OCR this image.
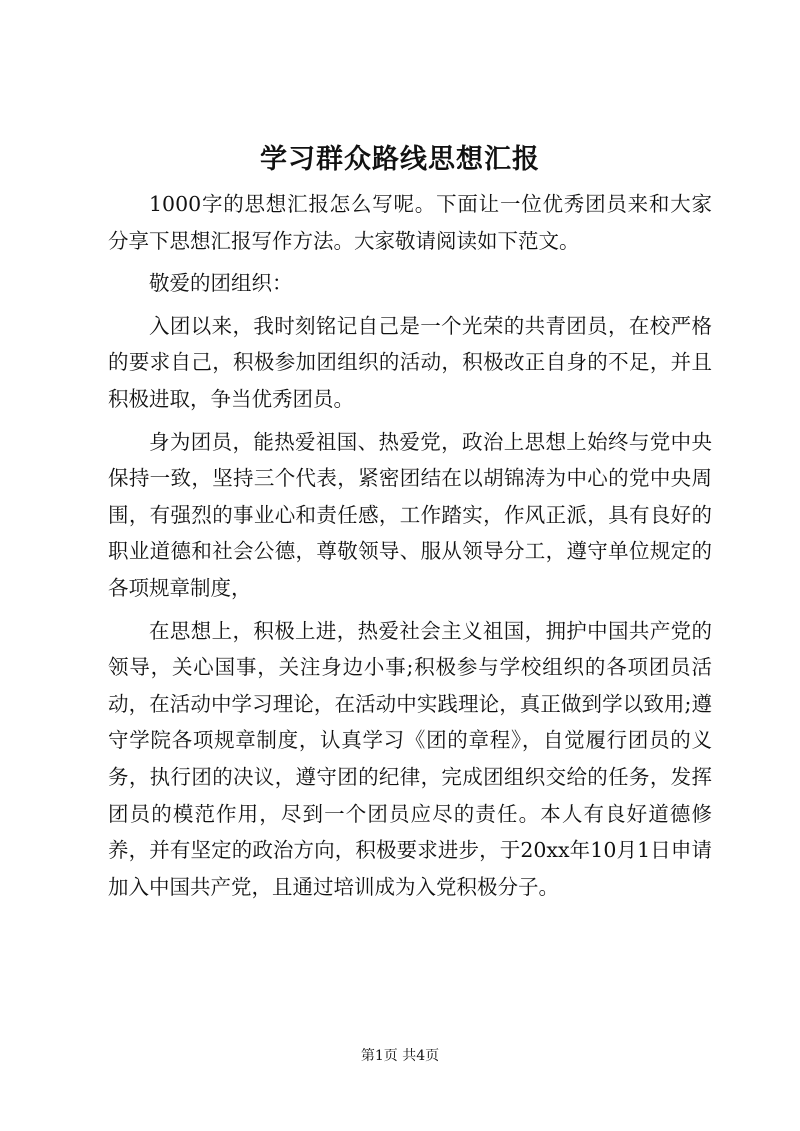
学习群众路线思想汇报

1000字的思想汇报怎么写呢。下面让一位优秀团员来和大家分享下思想汇报写作方法。大家敬请阅读如下范文。

敬爱的团组织：

入团以来，我时刻铭记自己是一个光荣的共青团员，在校严格的要求自己，积极参加团组织的活动，积极改正自身的不足，并且积极进取，争当优秀团员。

身为团员，能热爱祖国、热爱党，政治上思想上始终与党中央保持一致，坚持三个代表，紧密团结在以胡锦涛为中心的党中央周围，有强烈的事业心和责任感，工作踏实，作风正派，具有良好的职业道德和社会公德，尊敬领导、服从领导分工，遵守单位规定的各项规章制度，

在思想上，积极上进，热爱社会主义祖国，拥护中国共产党的领导，关心国事，关注身边小事;积极参与学校组织的各项团员活动，在活动中学习理论，在活动中实践理论，真正做到学以致用;遵守学院各项规章制度，认真学习《团的章程》，自觉履行团员的义务，执行团的决议，遵守团的纪律，完成团组织交给的任务，发挥团员的模范作用，尽到一个团员应尽的责任。本人有良好道德修养，并有坚定的政治方向，积极要求进步，于20xx年10月1日申请加入中国共产党，且通过培训成为入党积极分子。

第1页 共4页
